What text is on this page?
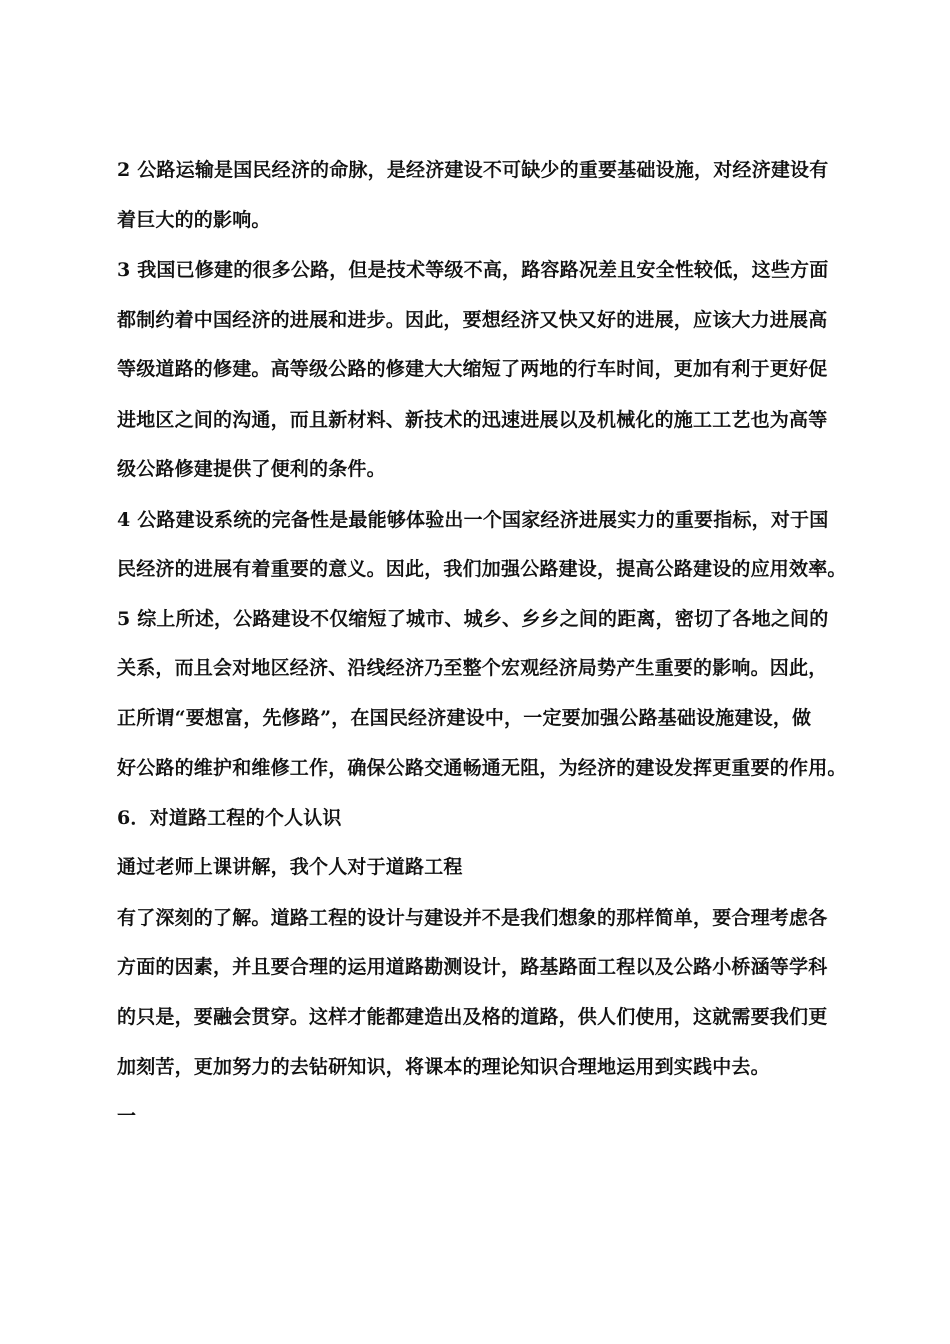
2 公路运输是国民经济的命脉，是经济建设不可缺少的重要基础设施，对经济建设有

着巨大的的影响。

3 我国已修建的很多公路，但是技术等级不高，路容路况差且安全性较低，这些方面

都制约着中国经济的进展和进步。因此，要想经济又快又好的进展，应该大力进展高

等级道路的修建。高等级公路的修建大大缩短了两地的行车时间，更加有利于更好促

进地区之间的沟通，而且新材料、新技术的迅速进展以及机械化的施工工艺也为高等

级公路修建提供了便利的条件。

4 公路建设系统的完备性是最能够体验出一个国家经济进展实力的重要指标，对于国

民经济的进展有着重要的意义。因此，我们加强公路建设，提高公路建设的应用效率。

5 综上所述，公路建设不仅缩短了城市、城乡、乡乡之间的距离，密切了各地之间的

关系，而且会对地区经济、沿线经济乃至整个宏观经济局势产生重要的影响。因此，

正所谓“要想富，先修路”，在国民经济建设中，一定要加强公路基础设施建设，做

好公路的维护和维修工作，确保公路交通畅通无阻，为经济的建设发挥更重要的作用。

6．对道路工程的个人认识

通过老师上课讲解，我个人对于道路工程

有了深刻的了解。道路工程的设计与建设并不是我们想象的那样简单，要合理考虑各

方面的因素，并且要合理的运用道路勘测设计，路基路面工程以及公路小桥涵等学科

的只是，要融会贯穿。这样才能都建造出及格的道路，供人们使用，这就需要我们更

加刻苦，更加努力的去钻研知识，将课本的理论知识合理地运用到实践中去。

一
